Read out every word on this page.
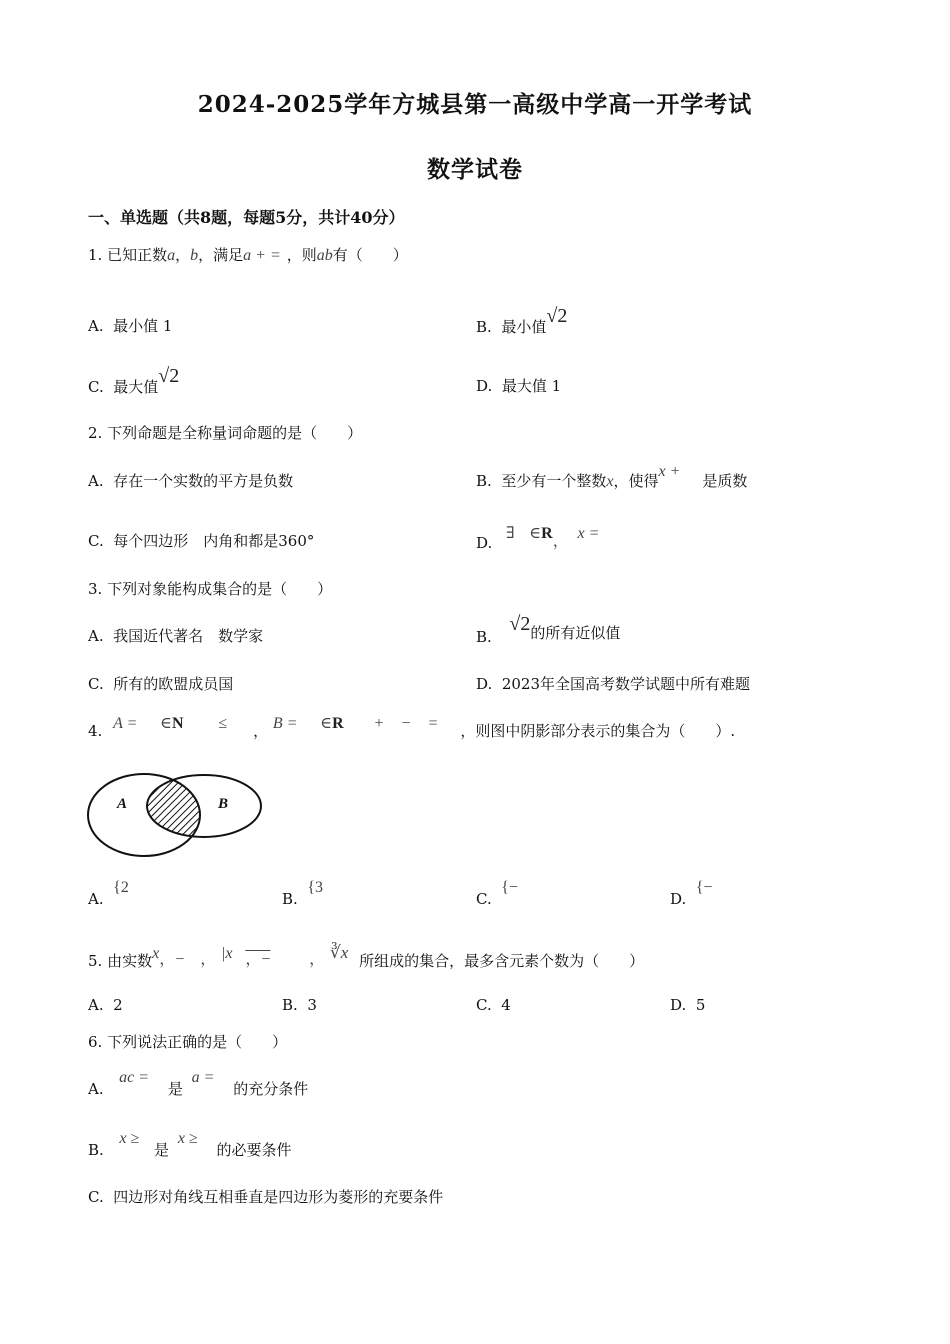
2024-2025学年方城县第一高级中学高一开学考试
数学试卷
一、单选题（共8题，每题5分，共计40分）
1. 已知正数a，b，满足a + = ，则ab有（　　）
A. 最小值 1	B. 最小值√2
C. 最大值√2	D. 最大值 1
2. 下列命题是全称量词命题的是（　　）
A. 存在一个实数的平方是负数	B. 至少有一个整数x，使得x +是质数
C. 每个四边形　内角和都是360°	D.  ∃ ∈R， x =
3. 下列对象能构成集合的是（　　）
A. 我国近代著名　数学家	B.  √2的所有近似值
C. 所有的欧盟成员国	D. 2023年全国高考数学试题中所有难题
4. A = ∈N ≤ ， B = ∈R + − = ，则图中阴影部分表示的集合为（　　）.
A	B
A.  {2
B.  {3
C.  {−
D.  {−
5. 由实数x，−　， |x ，− ， ∛x 所组成的集合，最多含元素个数为（　　）
A. 2	B. 3	C. 4	D. 5
6. 下列说法正确的是（　　）
A.  ac = 是 a = 的充分条件
B.  x ≥ 是 x ≥ 的必要条件
C. 四边形对角线互相垂直是四边形为菱形的充要条件
